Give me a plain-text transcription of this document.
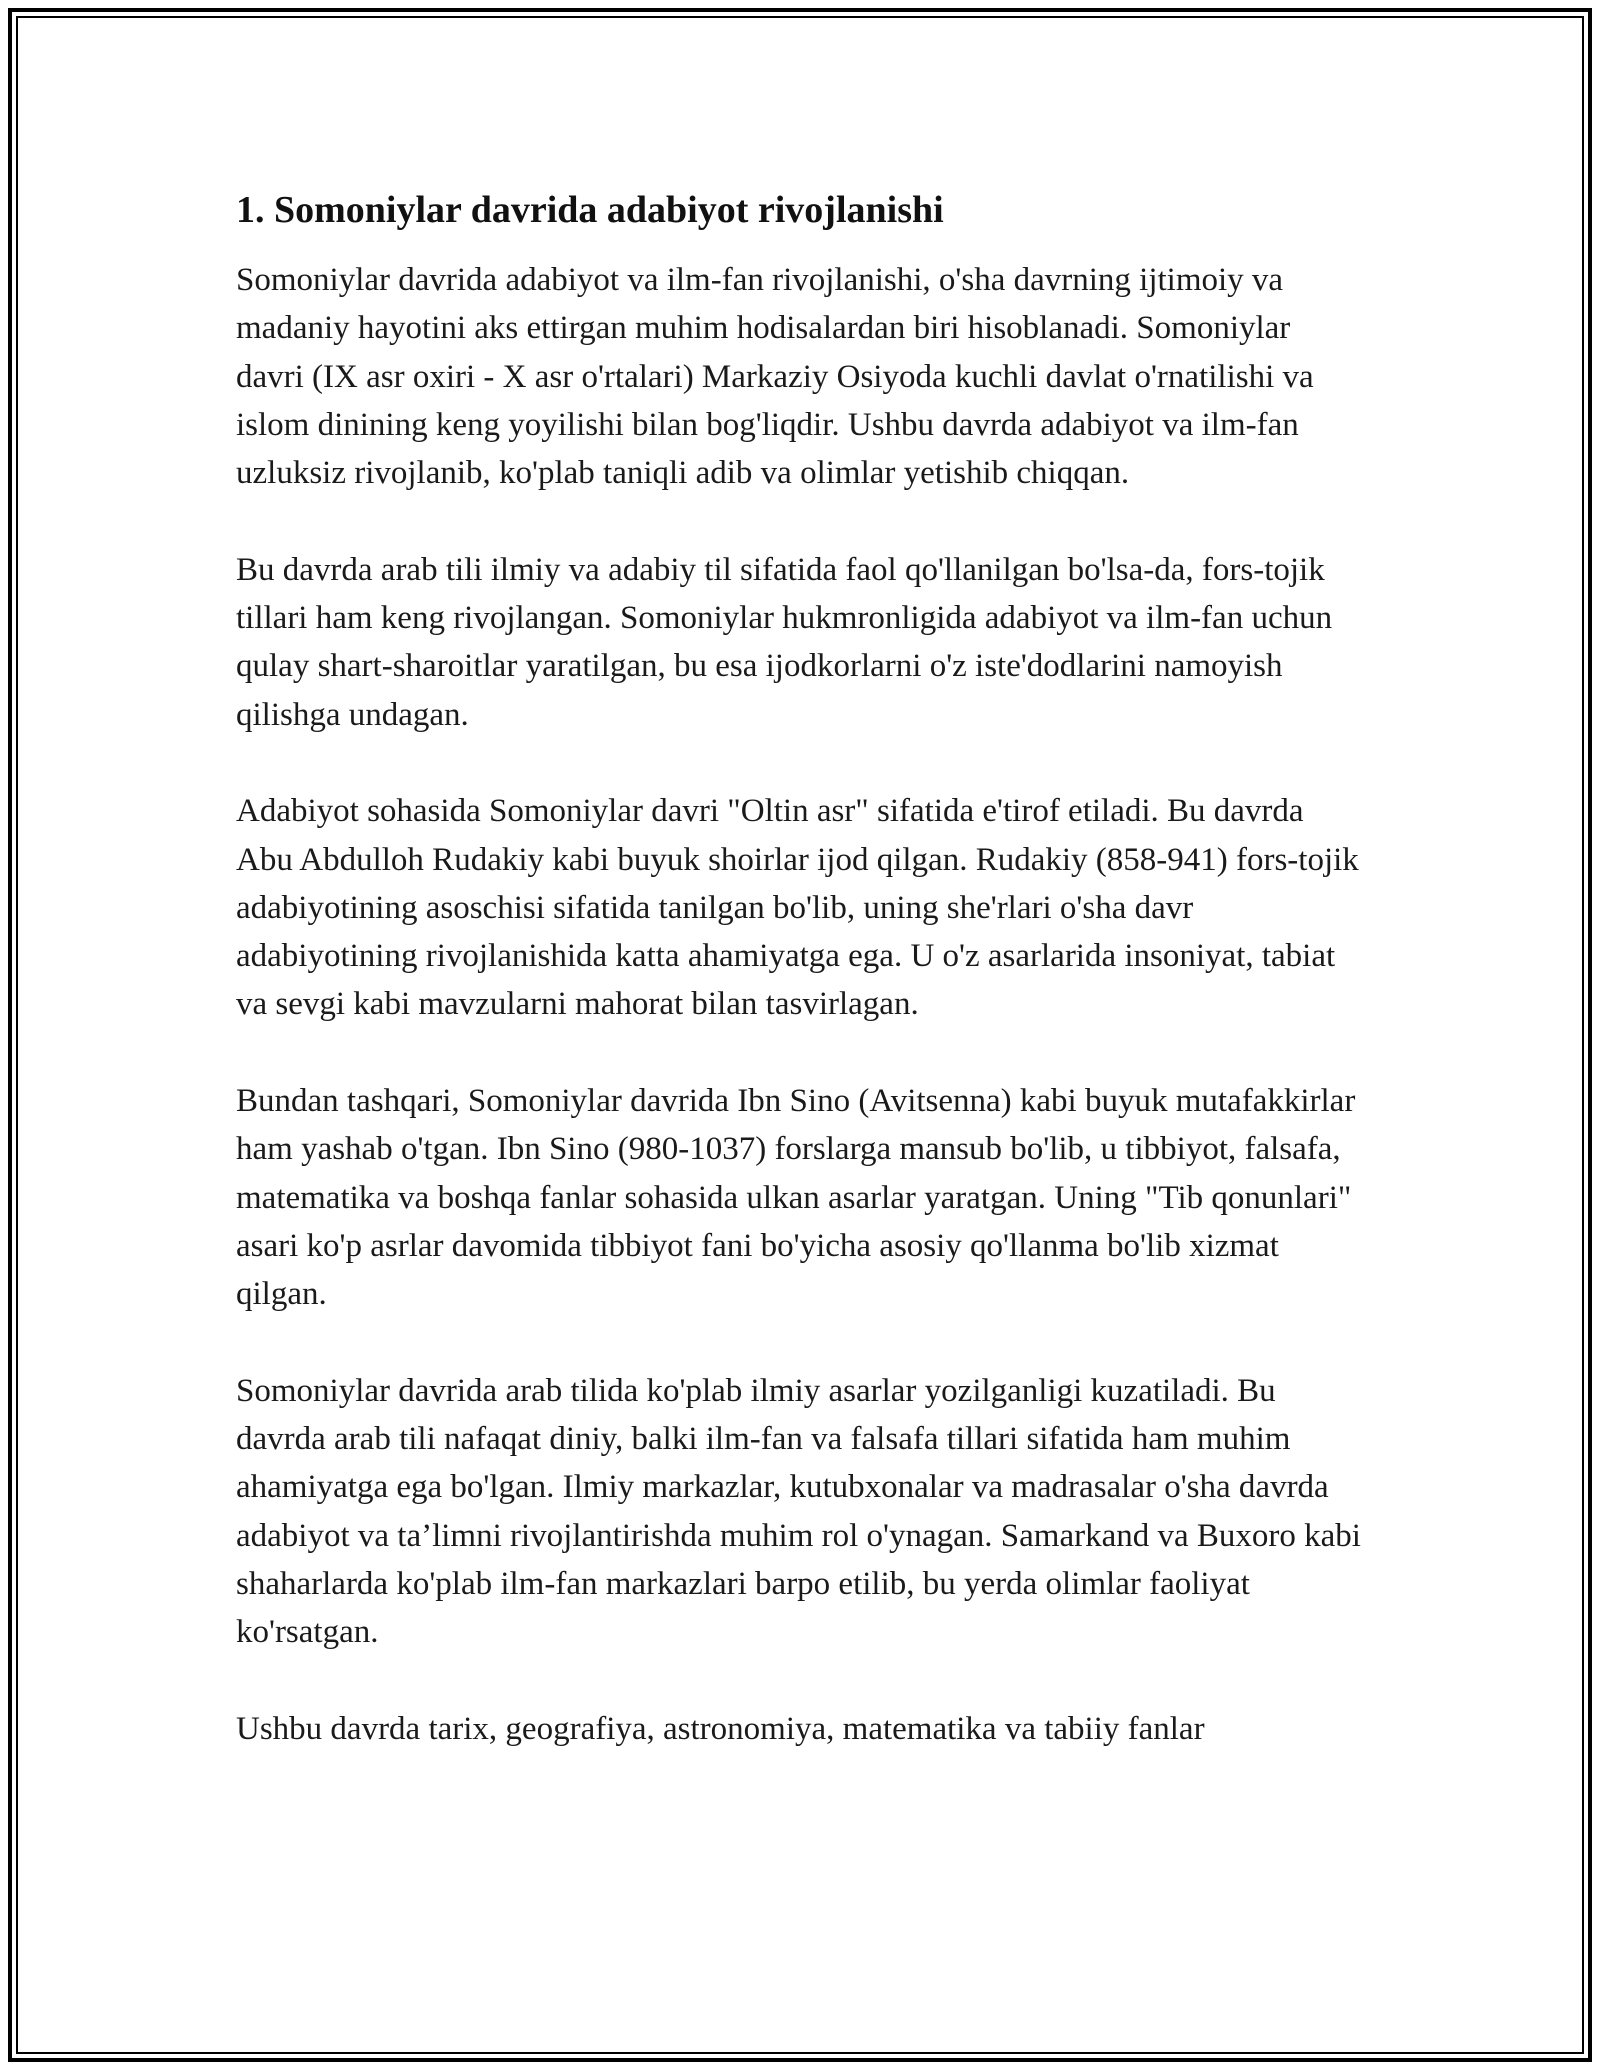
1. Somoniylar davrida adabiyot rivojlanishi

Somoniylar davrida adabiyot va ilm-fan rivojlanishi, o'sha davrning ijtimoiy va madaniy hayotini aks ettirgan muhim hodisalardan biri hisoblanadi. Somoniylar davri (IX asr oxiri - X asr o'rtalari) Markaziy Osiyoda kuchli davlat o'rnatilishi va islom dinining keng yoyilishi bilan bog'liqdir. Ushbu davrda adabiyot va ilm-fan uzluksiz rivojlanib, ko'plab taniqli adib va olimlar yetishib chiqqan.

Bu davrda arab tili ilmiy va adabiy til sifatida faol qo'llanilgan bo'lsa-da, fors-tojik tillari ham keng rivojlangan. Somoniylar hukmronligida adabiyot va ilm-fan uchun qulay shart-sharoitlar yaratilgan, bu esa ijodkorlarni o'z iste'dodlarini namoyish qilishga undagan.

Adabiyot sohasida Somoniylar davri "Oltin asr" sifatida e'tirof etiladi. Bu davrda Abu Abdulloh Rudakiy kabi buyuk shoirlar ijod qilgan. Rudakiy (858-941) fors-tojik adabiyotining asoschisi sifatida tanilgan bo'lib, uning she'rlari o'sha davr adabiyotining rivojlanishida katta ahamiyatga ega. U o'z asarlarida insoniyat, tabiat va sevgi kabi mavzularni mahorat bilan tasvirlagan.

Bundan tashqari, Somoniylar davrida Ibn Sino (Avitsenna) kabi buyuk mutafakkirlar ham yashab o'tgan. Ibn Sino (980-1037) forslarga mansub bo'lib, u tibbiyot, falsafa, matematika va boshqa fanlar sohasida ulkan asarlar yaratgan. Uning "Tib qonunlari" asari ko'p asrlar davomida tibbiyot fani bo'yicha asosiy qo'llanma bo'lib xizmat qilgan.

Somoniylar davrida arab tilida ko'plab ilmiy asarlar yozilganligi kuzatiladi. Bu davrda arab tili nafaqat diniy, balki ilm-fan va falsafa tillari sifatida ham muhim ahamiyatga ega bo'lgan. Ilmiy markazlar, kutubxonalar va madrasalar o'sha davrda adabiyot va ta’limni rivojlantirishda muhim rol o'ynagan. Samarkand va Buxoro kabi shaharlarda ko'plab ilm-fan markazlari barpo etilib, bu yerda olimlar faoliyat ko'rsatgan.

Ushbu davrda tarix, geografiya, astronomiya, matematika va tabiiy fanlar
